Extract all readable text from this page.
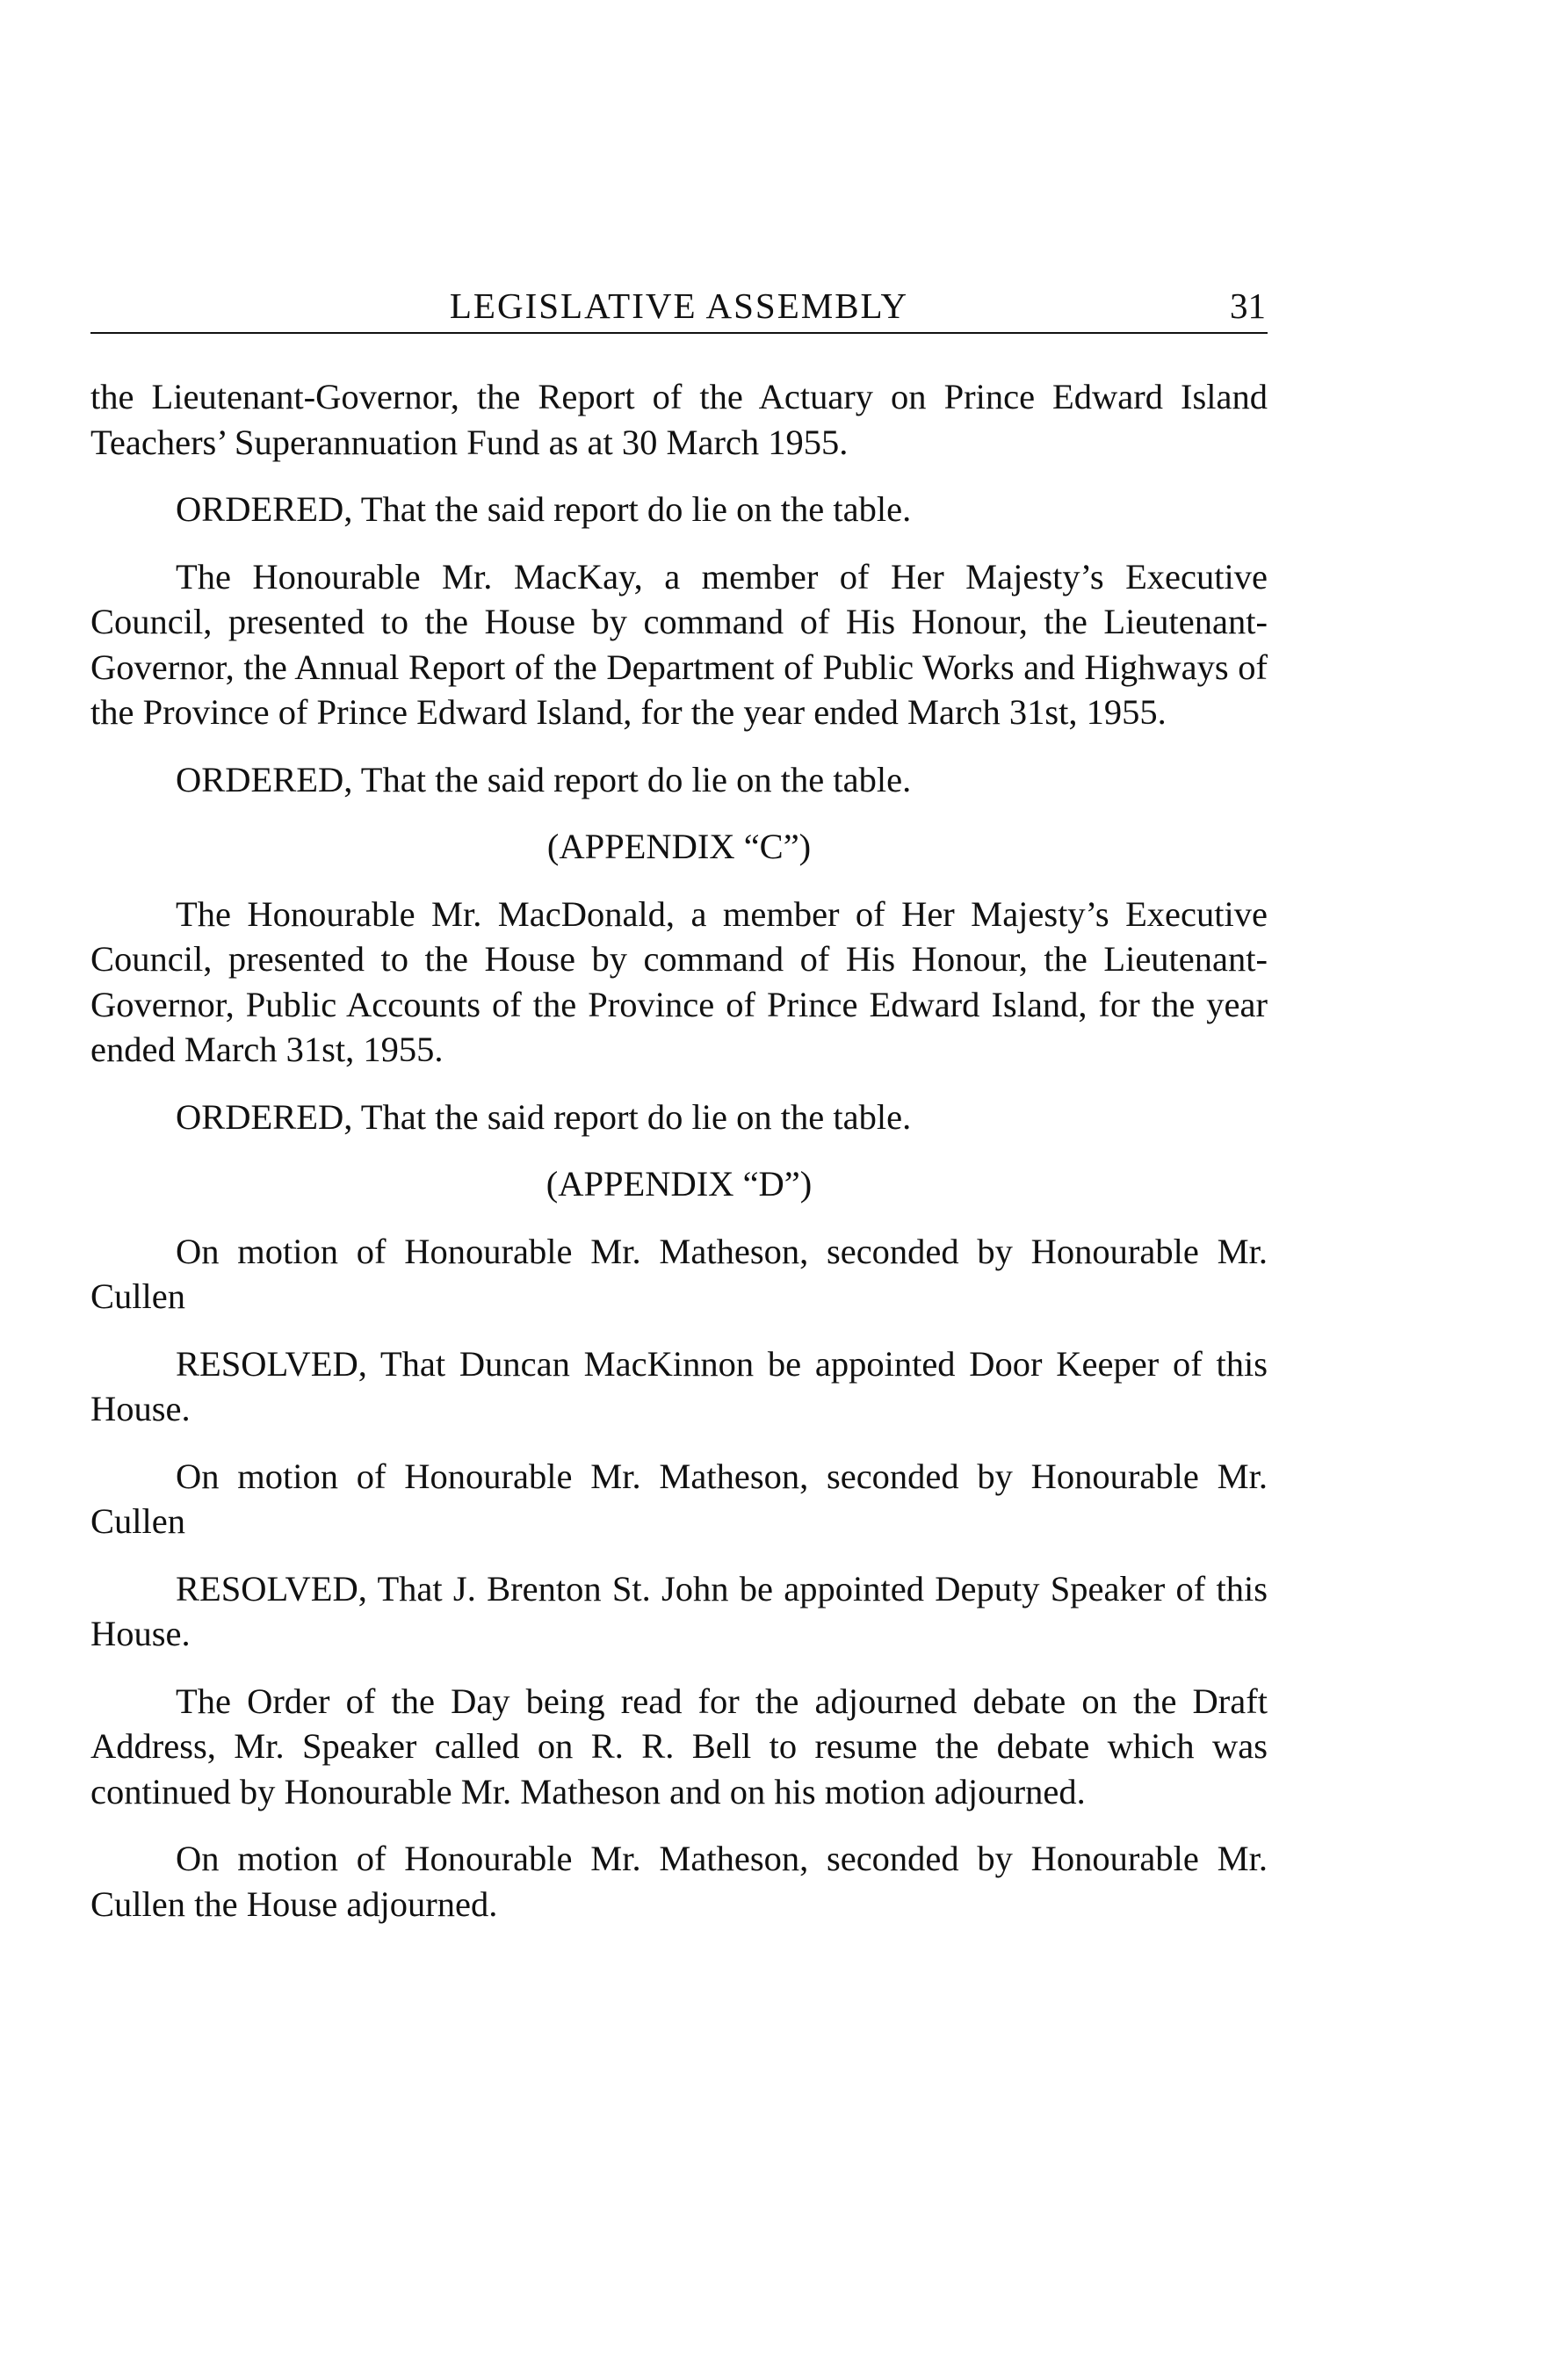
LEGISLATIVE ASSEMBLY	31

the Lieutenant-Governor, the Report of the Actuary on Prince Edward Island Teachers’ Superannuation Fund as at 30 March 1955.

ORDERED, That the said report do lie on the table.

The Honourable Mr. MacKay, a member of Her Majesty’s Executive Council, presented to the House by command of His Honour, the Lieutenant-Governor, the Annual Report of the Department of Public Works and Highways of the Province of Prince Edward Island, for the year ended March 31st, 1955.

ORDERED, That the said report do lie on the table.

(APPENDIX “C”)

The Honourable Mr. MacDonald, a member of Her Majesty’s Executive Council, presented to the House by command of His Honour, the Lieutenant-Governor, Public Accounts of the Province of Prince Edward Island, for the year ended March 31st, 1955.

ORDERED, That the said report do lie on the table.

(APPENDIX “D”)

On motion of Honourable Mr. Matheson, seconded by Honourable Mr. Cullen

RESOLVED, That Duncan MacKinnon be appointed Door Keeper of this House.

On motion of Honourable Mr. Matheson, seconded by Honourable Mr. Cullen

RESOLVED, That J. Brenton St. John be appointed Deputy Speaker of this House.

The Order of the Day being read for the adjourned debate on the Draft Address, Mr. Speaker called on R. R. Bell to resume the debate which was continued by Honourable Mr. Matheson and on his motion adjourned.

On motion of Honourable Mr. Matheson, seconded by Honourable Mr. Cullen the House adjourned.
